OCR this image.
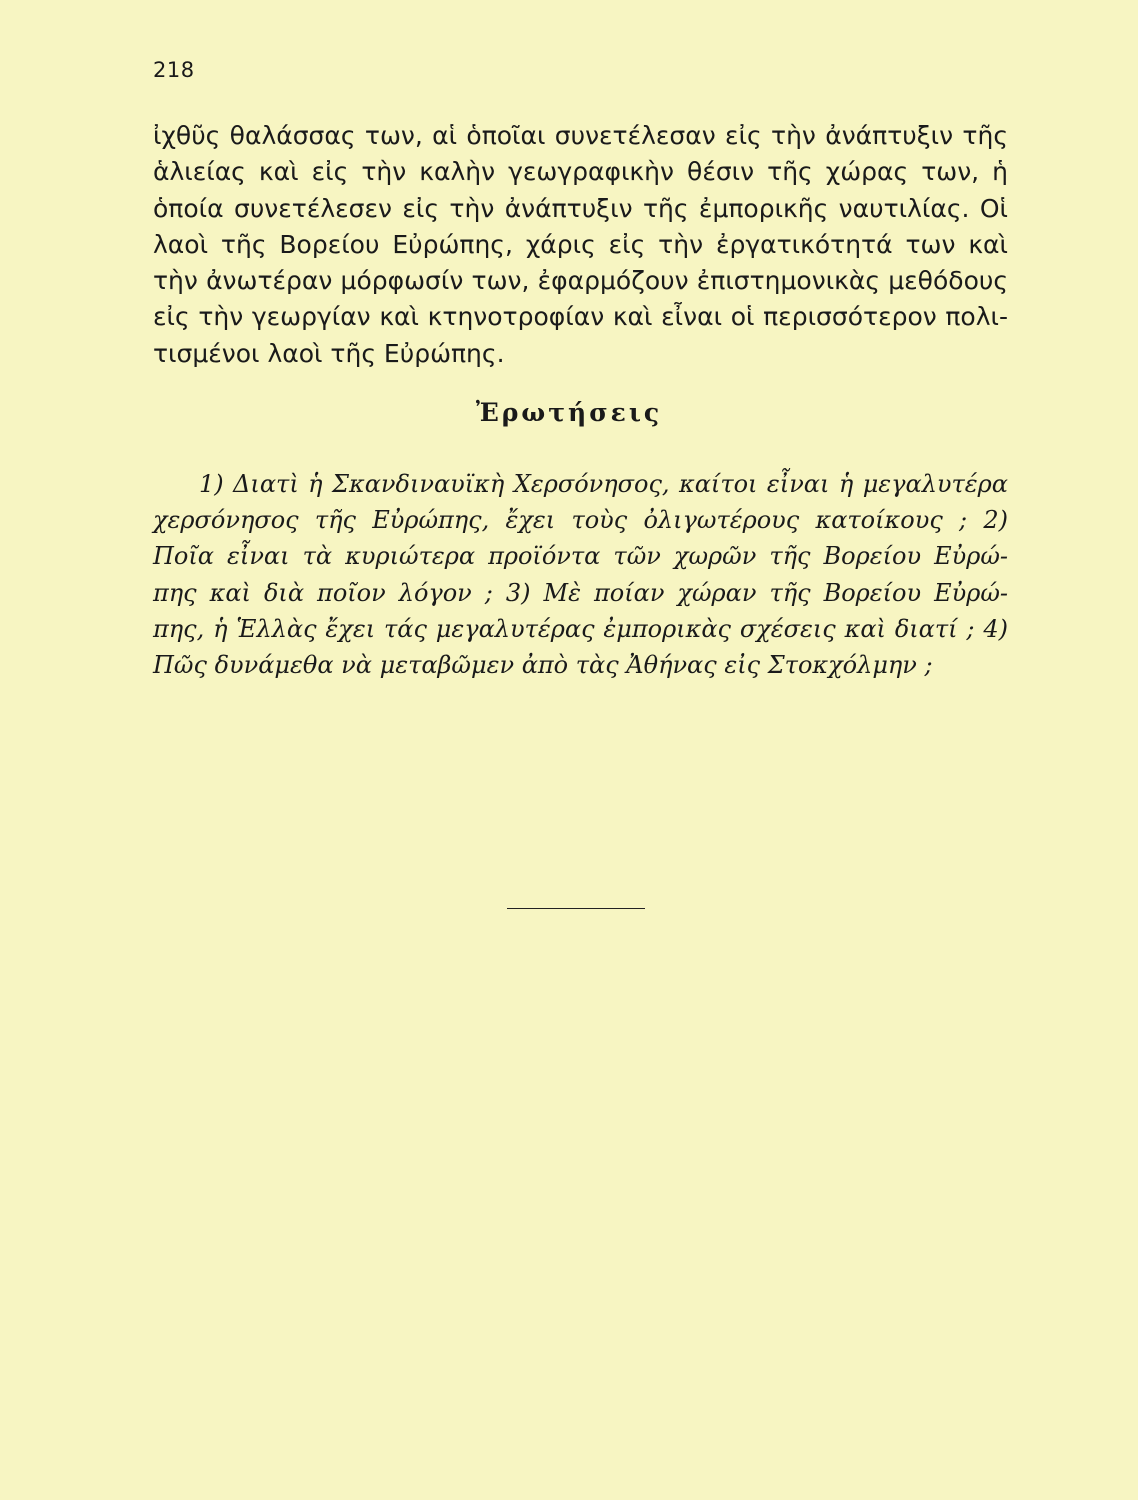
218
ἰχθῦς θαλάσσας των, αἱ ὁποῖαι συνετέλεσαν εἰς τὴν ἀνάπτυξιν τῆς
ἁλιείας καὶ εἰς τὴν καλὴν γεωγραφικὴν θέσιν τῆς χώρας των, ἡ
ὁποία συνετέλεσεν εἰς τὴν ἀνάπτυξιν τῆς ἐμπορικῆς ναυτιλίας. Οἱ
λαοὶ τῆς Βορείου Εὐρώπης, χάρις εἰς τὴν ἐργατικότητά των καὶ
τὴν ἀνωτέραν μόρφωσίν των, ἐφαρμόζουν ἐπιστημονικὰς μεθόδους
εἰς τὴν γεωργίαν καὶ κτηνοτροφίαν καὶ εἶναι οἱ περισσότερον πολι-
τισμένοι λαοὶ τῆς Εὐρώπης.
Ἐρωτήσεις
1) Διατὶ ἡ Σκανδιναυϊκὴ Χερσόνησος, καίτοι εἶναι ἡ μεγαλυτέρα
χερσόνησος τῆς Εὐρώπης, ἔχει τοὺς ὀλιγωτέρους κατοίκους ; 2)
Ποῖα εἶναι τὰ κυριώτερα προϊόντα τῶν χωρῶν τῆς Βορείου Εὐρώ-
πης καὶ διὰ ποῖον λόγον ; 3) Μὲ ποίαν χώραν τῆς Βορείου Εὐρώ-
πης, ἡ Ἑλλὰς ἔχει τάς μεγαλυτέρας ἐμπορικὰς σχέσεις καὶ διατί ; 4)
Πῶς δυνάμεθα νὰ μεταβῶμεν ἀπὸ τὰς Ἀθήνας εἰς Στοκχόλμην ;
